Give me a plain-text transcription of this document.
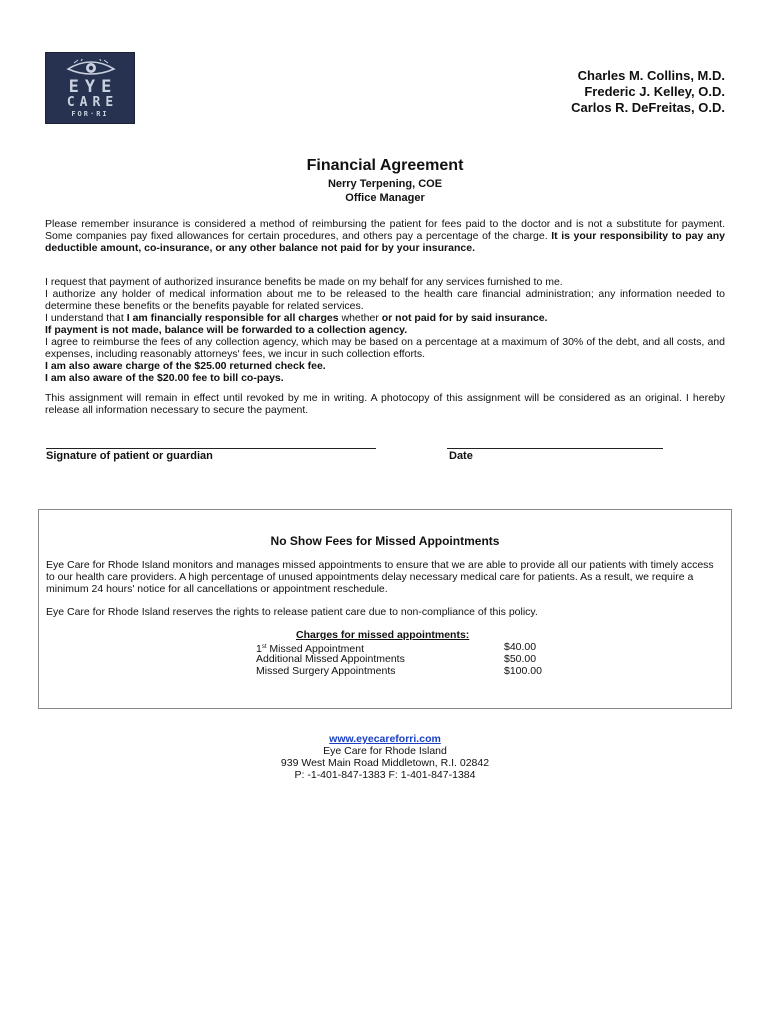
EYE
CARE
FOR·RI
Charles M. Collins, M.D.
Frederic J. Kelley, O.D.
Carlos R. DeFreitas, O.D.
Financial Agreement
Nerry Terpening, COE
Office Manager
Please remember insurance is considered a method of reimbursing the patient for fees paid to the doctor and is not a substitute for payment. Some companies pay fixed allowances for certain procedures, and others pay a percentage of the charge. It is your responsibility to pay any deductible amount, co-insurance, or any other balance not paid for by your insurance.
I request that payment of authorized insurance benefits be made on my behalf for any services furnished to me.
I authorize any holder of medical information about me to be released to the health care financial administration; any information needed to determine these benefits or the benefits payable for related services.
I understand that I am financially responsible for all charges whether or not paid for by said insurance.
If payment is not made, balance will be forwarded to a collection agency.
I agree to reimburse the fees of any collection agency, which may be based on a percentage at a maximum of 30% of the debt, and all costs, and expenses, including reasonably attorneys' fees, we incur in such collection efforts.
I am also aware charge of the $25.00 returned check fee.
I am also aware of the $20.00 fee to bill co-pays.
This assignment will remain in effect until revoked by me in writing. A photocopy of this assignment will be considered as an original. I hereby release all information necessary to secure the payment.
Signature of patient or guardian	Date
No Show Fees for Missed Appointments
Eye Care for Rhode Island monitors and manages missed appointments to ensure that we are able to provide all our patients with timely access to our health care providers. A high percentage of unused appointments delay necessary medical care for patients. As a result, we require a minimum 24 hours' notice for all cancellations or appointment reschedule.
Eye Care for Rhode Island reserves the rights to release patient care due to non-compliance of this policy.
Charges for missed appointments:
1st Missed Appointment	$40.00
Additional Missed Appointments	$50.00
Missed Surgery Appointments	$100.00
www.eyecareforri.com
Eye Care for Rhode Island
939 West Main Road Middletown, R.I. 02842
P: -1-401-847-1383 F: 1-401-847-1384
